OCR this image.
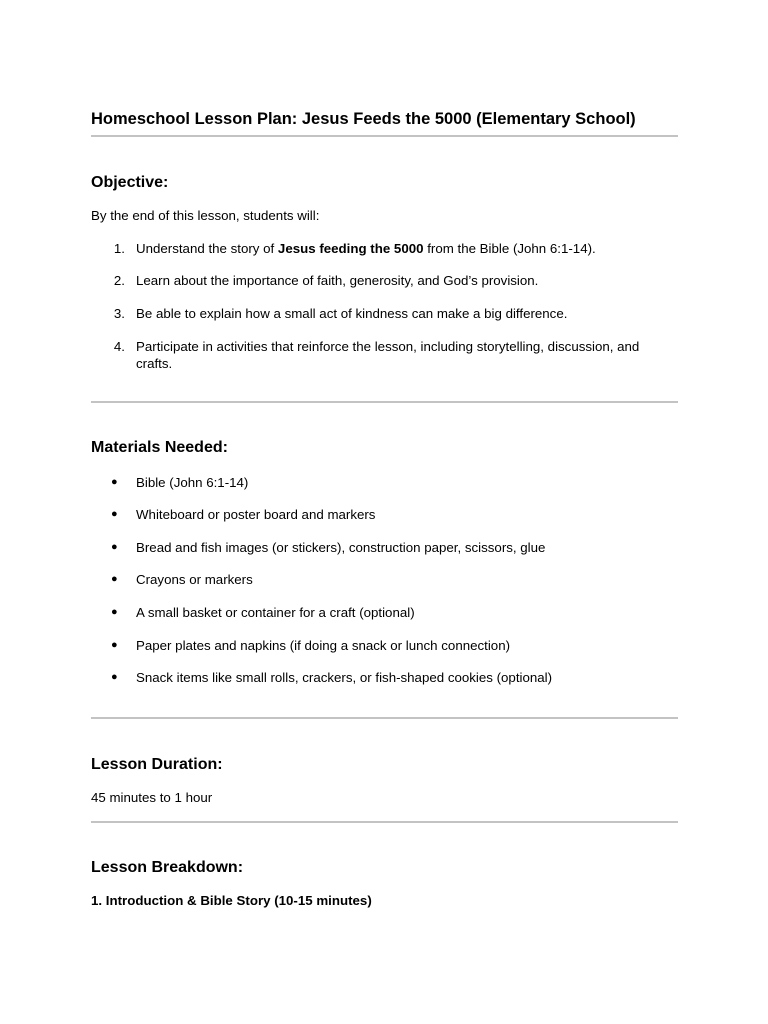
Homeschool Lesson Plan: Jesus Feeds the 5000 (Elementary School)
Objective:
By the end of this lesson, students will:
1. Understand the story of Jesus feeding the 5000 from the Bible (John 6:1-14).
2. Learn about the importance of faith, generosity, and God’s provision.
3. Be able to explain how a small act of kindness can make a big difference.
4. Participate in activities that reinforce the lesson, including storytelling, discussion, and crafts.
Materials Needed:
●	Bible (John 6:1-14)
●	Whiteboard or poster board and markers
●	Bread and fish images (or stickers), construction paper, scissors, glue
●	Crayons or markers
●	A small basket or container for a craft (optional)
●	Paper plates and napkins (if doing a snack or lunch connection)
●	Snack items like small rolls, crackers, or fish-shaped cookies (optional)
Lesson Duration:
45 minutes to 1 hour
Lesson Breakdown:
1. Introduction & Bible Story (10-15 minutes)
